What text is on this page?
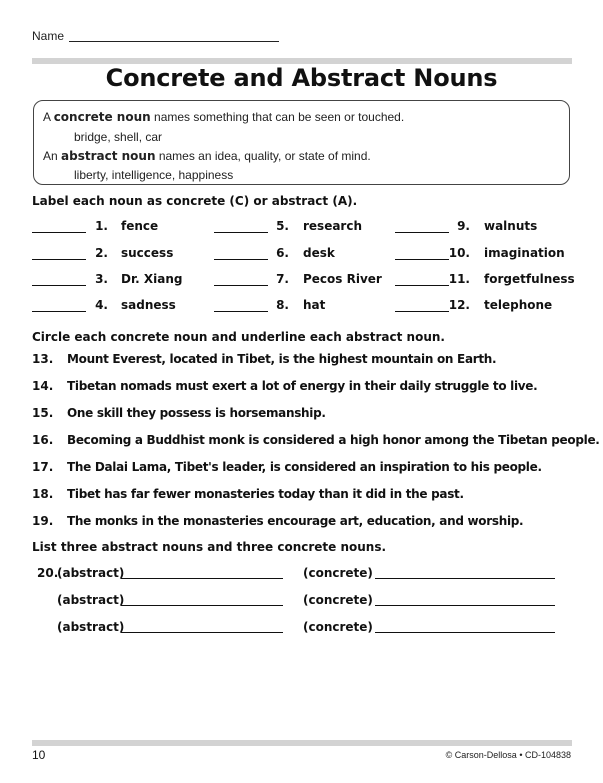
Name
Concrete and Abstract Nouns
A concrete noun names something that can be seen or touched.
bridge, shell, car
An abstract noun names an idea, quality, or state of mind.
liberty, intelligence, happiness
Label each noun as concrete (C) or abstract (A).
1. fence	5. research	9. walnuts
2. success	6. desk	10. imagination
3. Dr. Xiang	7. Pecos River	11. forgetfulness
4. sadness	8. hat	12. telephone
Circle each concrete noun and underline each abstract noun.
13. Mount Everest, located in Tibet, is the highest mountain on Earth.
14. Tibetan nomads must exert a lot of energy in their daily struggle to live.
15. One skill they possess is horsemanship.
16. Becoming a Buddhist monk is considered a high honor among the Tibetan people.
17. The Dalai Lama, Tibet's leader, is considered an inspiration to his people.
18. Tibet has far fewer monasteries today than it did in the past.
19. The monks in the monasteries encourage art, education, and worship.
List three abstract nouns and three concrete nouns.
20.
(abstract)	(concrete)
(abstract)	(concrete)
(abstract)	(concrete)
10	© Carson-Dellosa • CD-104838
